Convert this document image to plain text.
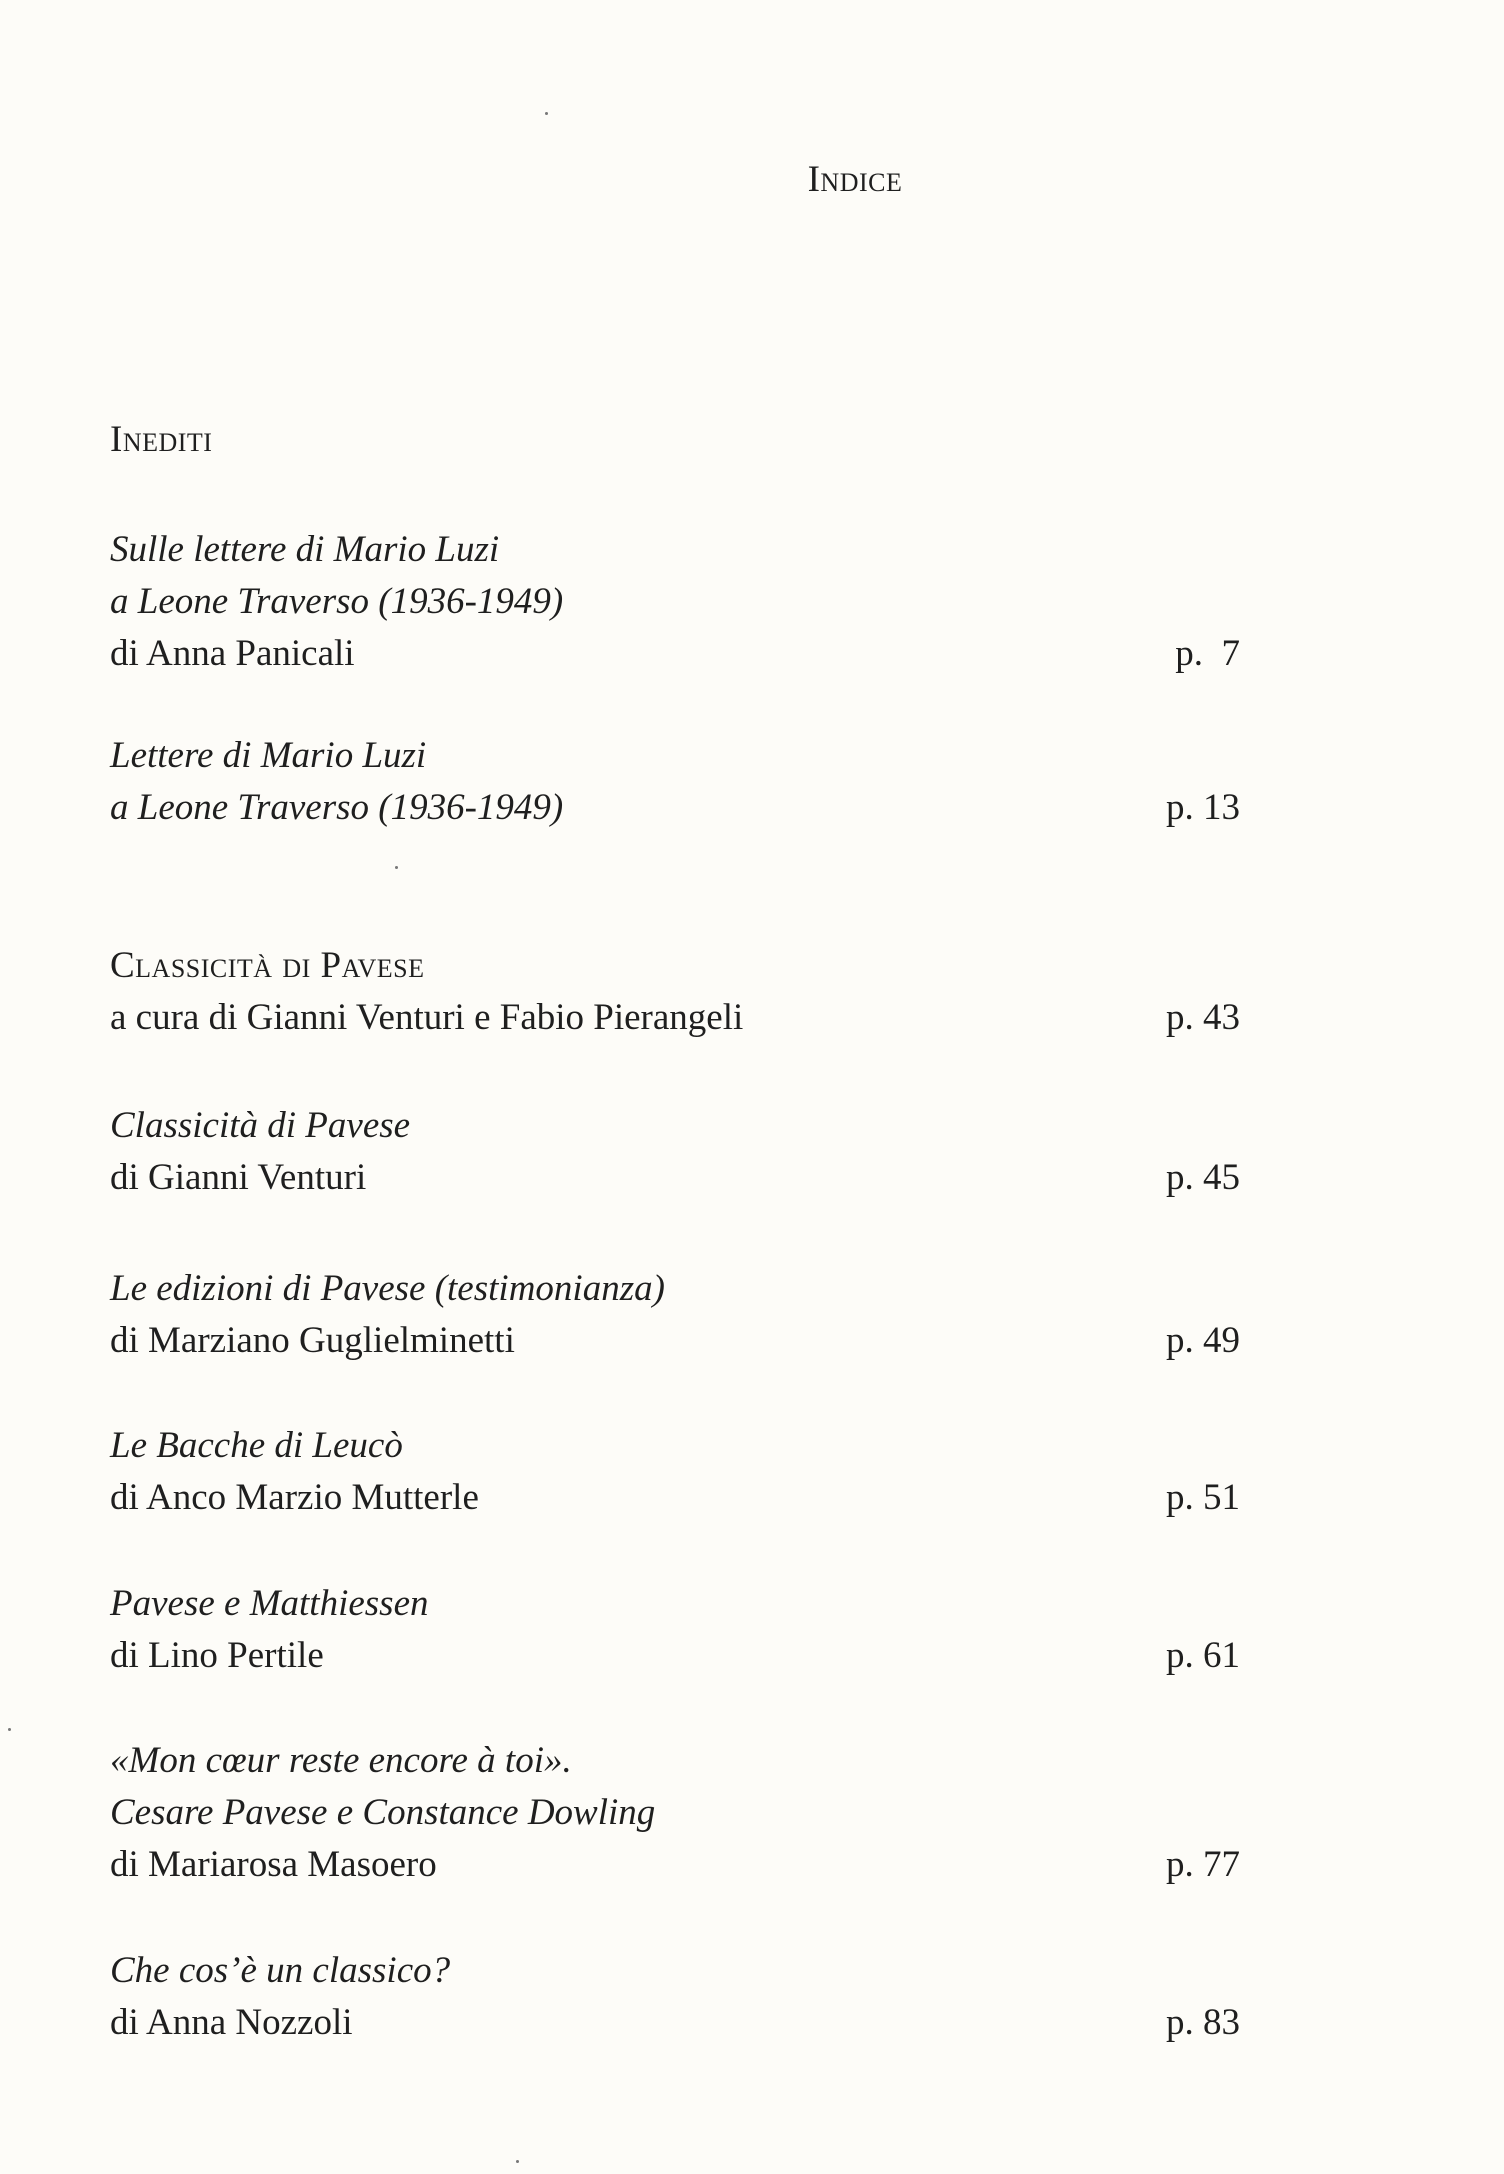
Indice
Inediti
Sulle lettere di Mario Luzi
a Leone Traverso (1936-1949)
di Anna Panicali	p.  7
Lettere di Mario Luzi
a Leone Traverso (1936-1949)	p. 13
Classicità di Pavese
a cura di Gianni Venturi e Fabio Pierangeli	p. 43
Classicità di Pavese
di Gianni Venturi	p. 45
Le edizioni di Pavese (testimonianza)
di Marziano Guglielminetti	p. 49
Le Bacche di Leucò
di Anco Marzio Mutterle	p. 51
Pavese e Matthiessen
di Lino Pertile	p. 61
«Mon cœur reste encore à toi».
Cesare Pavese e Constance Dowling
di Mariarosa Masoero	p. 77
Che cos’è un classico?
di Anna Nozzoli	p. 83
